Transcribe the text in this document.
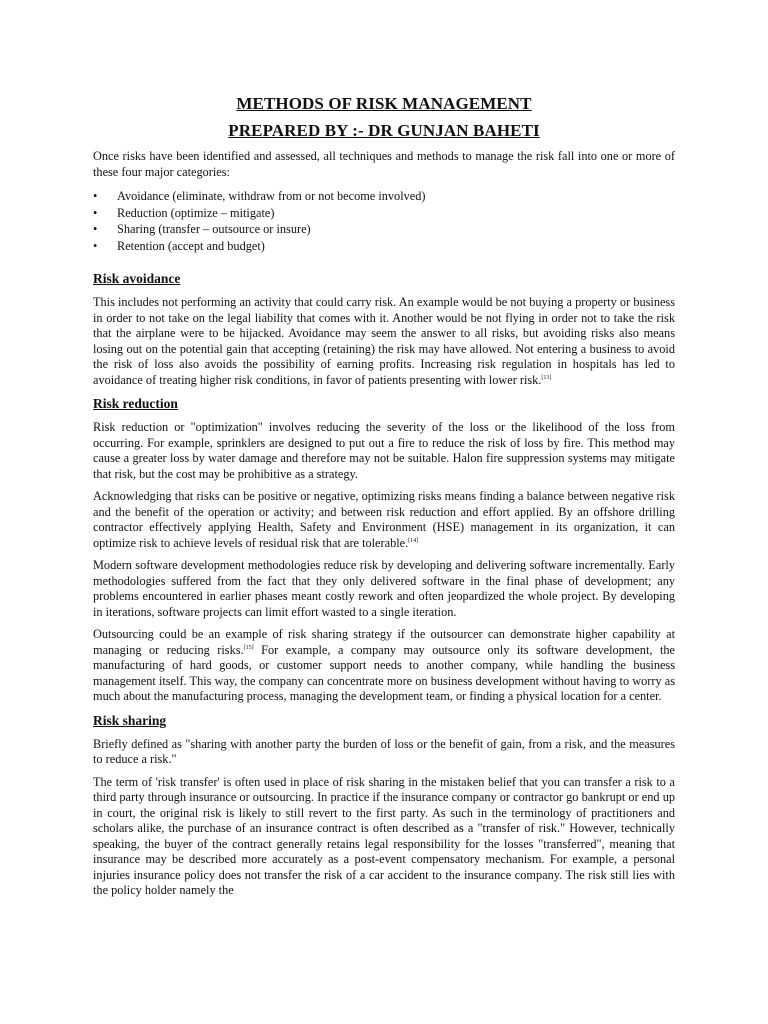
METHODS OF RISK MANAGEMENT
PREPARED BY :- DR GUNJAN BAHETI

Once risks have been identified and assessed, all techniques and methods to manage the risk fall into one or more of these four major categories:

•	Avoidance (eliminate, withdraw from or not become involved)
•	Reduction (optimize – mitigate)
•	Sharing (transfer – outsource or insure)
•	Retention (accept and budget)
Risk avoidance

This includes not performing an activity that could carry risk. An example would be not buying a property or business in order to not take on the legal liability that comes with it. Another would be not flying in order not to take the risk that the airplane were to be hijacked. Avoidance may seem the answer to all risks, but avoiding risks also means losing out on the potential gain that accepting (retaining) the risk may have allowed. Not entering a business to avoid the risk of loss also avoids the possibility of earning profits. Increasing risk regulation in hospitals has led to avoidance of treating higher risk conditions, in favor of patients presenting with lower risk.[13]

Risk reduction

Risk reduction or "optimization" involves reducing the severity of the loss or the likelihood of the loss from occurring. For example, sprinklers are designed to put out a fire to reduce the risk of loss by fire. This method may cause a greater loss by water damage and therefore may not be suitable. Halon fire suppression systems may mitigate that risk, but the cost may be prohibitive as a strategy.

Acknowledging that risks can be positive or negative, optimizing risks means finding a balance between negative risk and the benefit of the operation or activity; and between risk reduction and effort applied. By an offshore drilling contractor effectively applying Health, Safety and Environment (HSE) management in its organization, it can optimize risk to achieve levels of residual risk that are tolerable.[14]

Modern software development methodologies reduce risk by developing and delivering software incrementally. Early methodologies suffered from the fact that they only delivered software in the final phase of development; any problems encountered in earlier phases meant costly rework and often jeopardized the whole project. By developing in iterations, software projects can limit effort wasted to a single iteration.

Outsourcing could be an example of risk sharing strategy if the outsourcer can demonstrate higher capability at managing or reducing risks.[15] For example, a company may outsource only its software development, the manufacturing of hard goods, or customer support needs to another company, while handling the business management itself. This way, the company can concentrate more on business development without having to worry as much about the manufacturing process, managing the development team, or finding a physical location for a center.

Risk sharing

Briefly defined as "sharing with another party the burden of loss or the benefit of gain, from a risk, and the measures to reduce a risk."

The term of 'risk transfer' is often used in place of risk sharing in the mistaken belief that you can transfer a risk to a third party through insurance or outsourcing. In practice if the insurance company or contractor go bankrupt or end up in court, the original risk is likely to still revert to the first party. As such in the terminology of practitioners and scholars alike, the purchase of an insurance contract is often described as a "transfer of risk." However, technically speaking, the buyer of the contract generally retains legal responsibility for the losses "transferred", meaning that insurance may be described more accurately as a post-event compensatory mechanism. For example, a personal injuries insurance policy does not transfer the risk of a car accident to the insurance company. The risk still lies with the policy holder namely the
